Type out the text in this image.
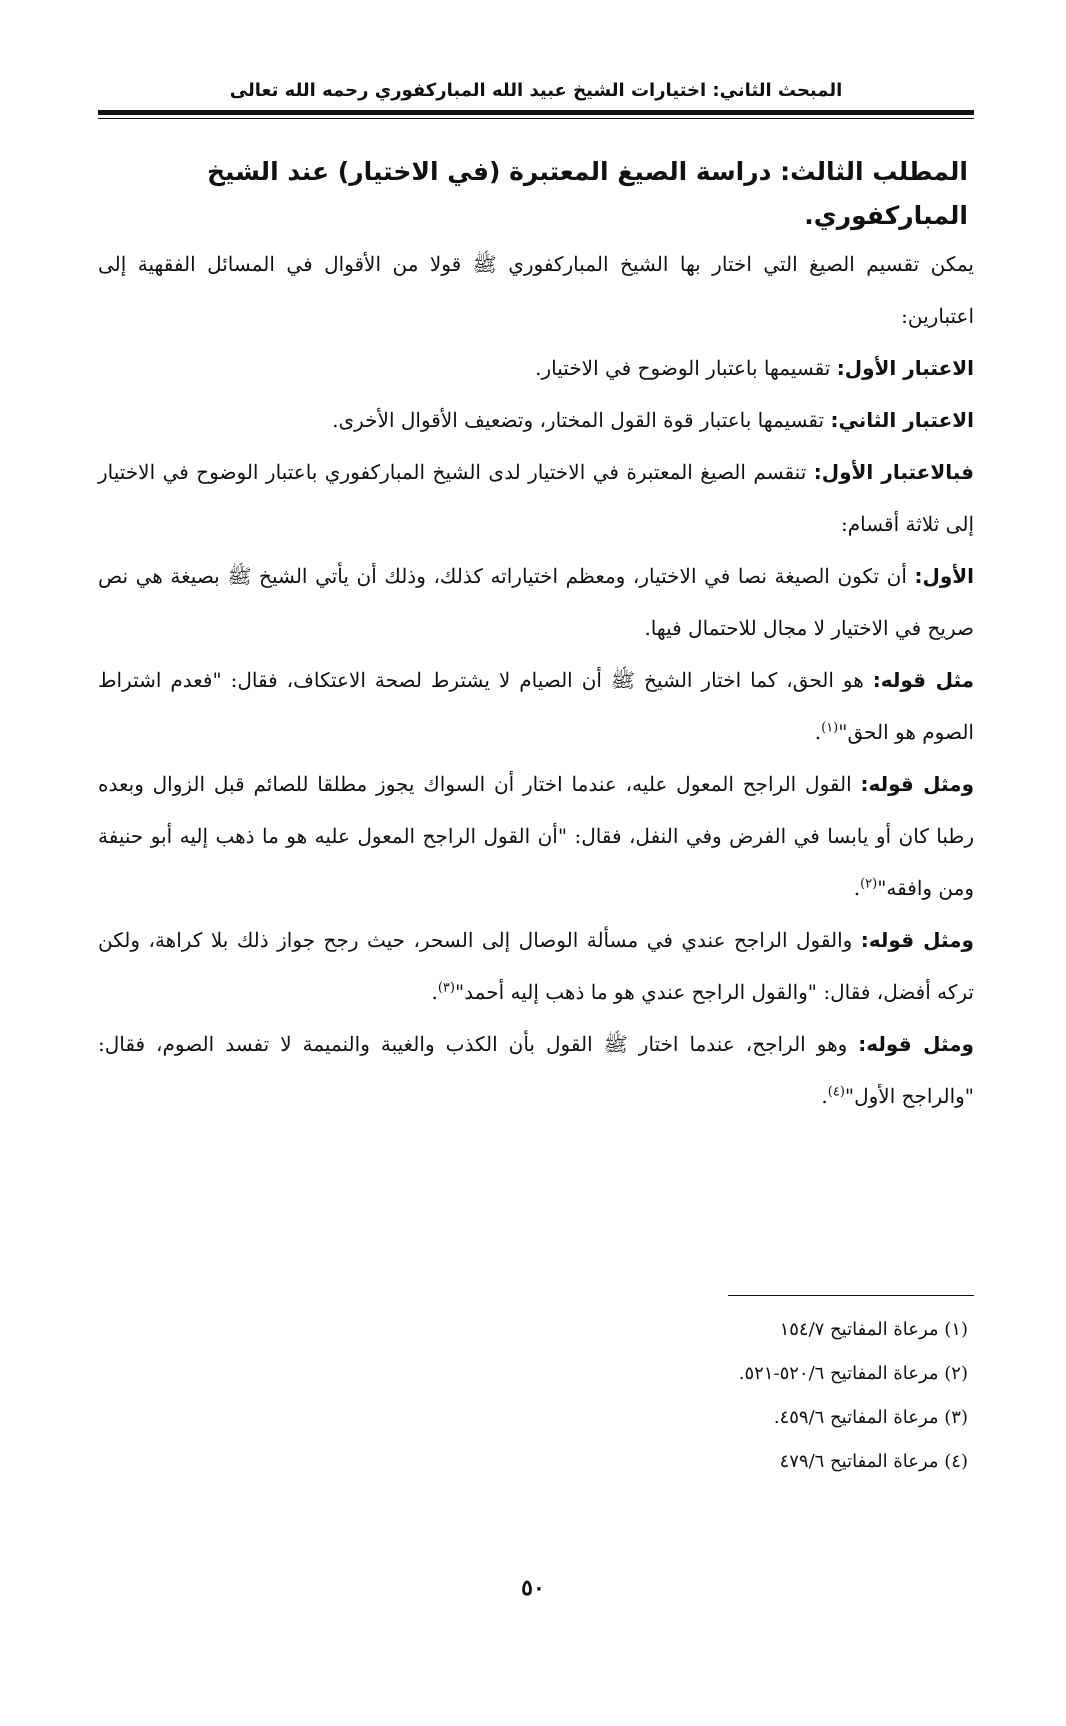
المبحث الثاني: اختيارات الشيخ عبيد الله المباركفوري رحمه الله تعالى
المطلب الثالث: دراسة الصيغ المعتبرة (في الاختيار) عند الشيخ المباركفوري.

يمكن تقسيم الصيغ التي اختار بها الشيخ المباركفوري ﷺ قولا من الأقوال في المسائل الفقهية إلى اعتبارين:

الاعتبار الأول: تقسيمها باعتبار الوضوح في الاختيار.

الاعتبار الثاني: تقسيمها باعتبار قوة القول المختار، وتضعيف الأقوال الأخرى.

فبالاعتبار الأول: تنقسم الصيغ المعتبرة في الاختيار لدى الشيخ المباركفوري باعتبار الوضوح في الاختيار إلى ثلاثة أقسام:

الأول: أن تكون الصيغة نصا في الاختيار، ومعظم اختياراته كذلك، وذلك أن يأتي الشيخ ﷺ بصيغة هي نص صريح في الاختيار لا مجال للاحتمال فيها.

مثل قوله: هو الحق، كما اختار الشيخ ﷺ أن الصيام لا يشترط لصحة الاعتكاف، فقال: "فعدم اشتراط الصوم هو الحق"$^{(١)}$.

ومثل قوله: القول الراجح المعول عليه، عندما اختار أن السواك يجوز مطلقا للصائم قبل الزوال وبعده رطبا كان أو يابسا في الفرض وفي النفل، فقال: "أن القول الراجح المعول عليه هو ما ذهب إليه أبو حنيفة ومن وافقه"$^{(٢)}$.

ومثل قوله: والقول الراجح عندي في مسألة الوصال إلى السحر، حيث رجح جواز ذلك بلا كراهة، ولكن تركه أفضل، فقال: "والقول الراجح عندي هو ما ذهب إليه أحمد"$^{(٣)}$.

ومثل قوله: وهو الراجح، عندما اختار ﷺ القول بأن الكذب والغيبة والنميمة لا تفسد الصوم، فقال: "والراجح الأول"$^{(٤)}$.

(١) مرعاة المفاتيح ١٥٤/٧

(٢) مرعاة المفاتيح ٥٢٠/٦-٥٢١.

(٣) مرعاة المفاتيح ٤٥٩/٦.

(٤) مرعاة المفاتيح ٤٧٩/٦

٥٠
